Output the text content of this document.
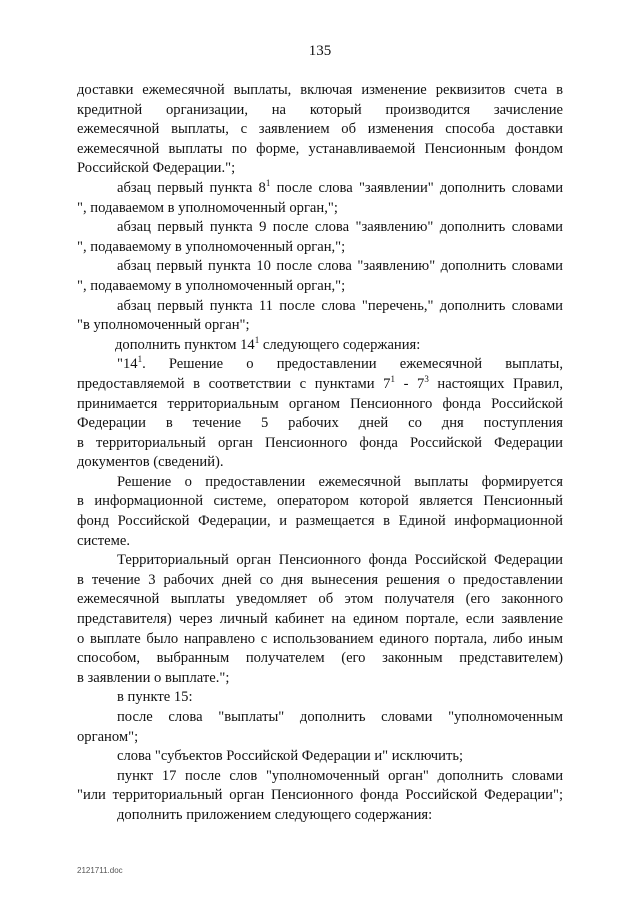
135
доставки ежемесячной выплаты, включая изменение реквизитов счета в
кредитной организации, на который производится зачисление
ежемесячной выплаты, с заявлением об изменения способа доставки
ежемесячной выплаты по форме, устанавливаемой Пенсионным фондом
Российской Федерации.";
абзац первый пункта $8^1$ после слова "заявлении" дополнить словами
", подаваемом в уполномоченный орган,";
абзац первый пункта 9 после слова "заявлению" дополнить словами
", подаваемому в уполномоченный орган,";
абзац первый пункта 10 после слова "заявлению" дополнить словами
", подаваемому в уполномоченный орган,";
абзац первый пункта 11 после слова "перечень," дополнить словами
"в уполномоченный орган";
дополнить пунктом $14^1$ следующего содержания:
"$14^1$. Решение о предоставлении ежемесячной выплаты,
предоставляемой в соответствии с пунктами $7^1 - 7^3$ настоящих Правил,
принимается территориальным органом Пенсионного фонда Российской
Федерации в течение 5 рабочих дней со дня поступления
в территориальный орган Пенсионного фонда Российской Федерации
документов (сведений).
Решение о предоставлении ежемесячной выплаты формируется
в информационной системе, оператором которой является Пенсионный
фонд Российской Федерации, и размещается в Единой информационной
системе.
Территориальный орган Пенсионного фонда Российской Федерации
в течение 3 рабочих дней со дня вынесения решения о предоставлении
ежемесячной выплаты уведомляет об этом получателя (его законного
представителя) через личный кабинет на едином портале, если заявление
о выплате было направлено с использованием единого портала, либо иным
способом, выбранным получателем (его законным представителем)
в заявлении о выплате.";
в пункте 15:
после слова "выплаты" дополнить словами "уполномоченным
органом";
слова "субъектов Российской Федерации и" исключить;
пункт 17 после слов "уполномоченный орган" дополнить словами
"или территориальный орган Пенсионного фонда Российской Федерации";
дополнить приложением следующего содержания:
2121711.doc
